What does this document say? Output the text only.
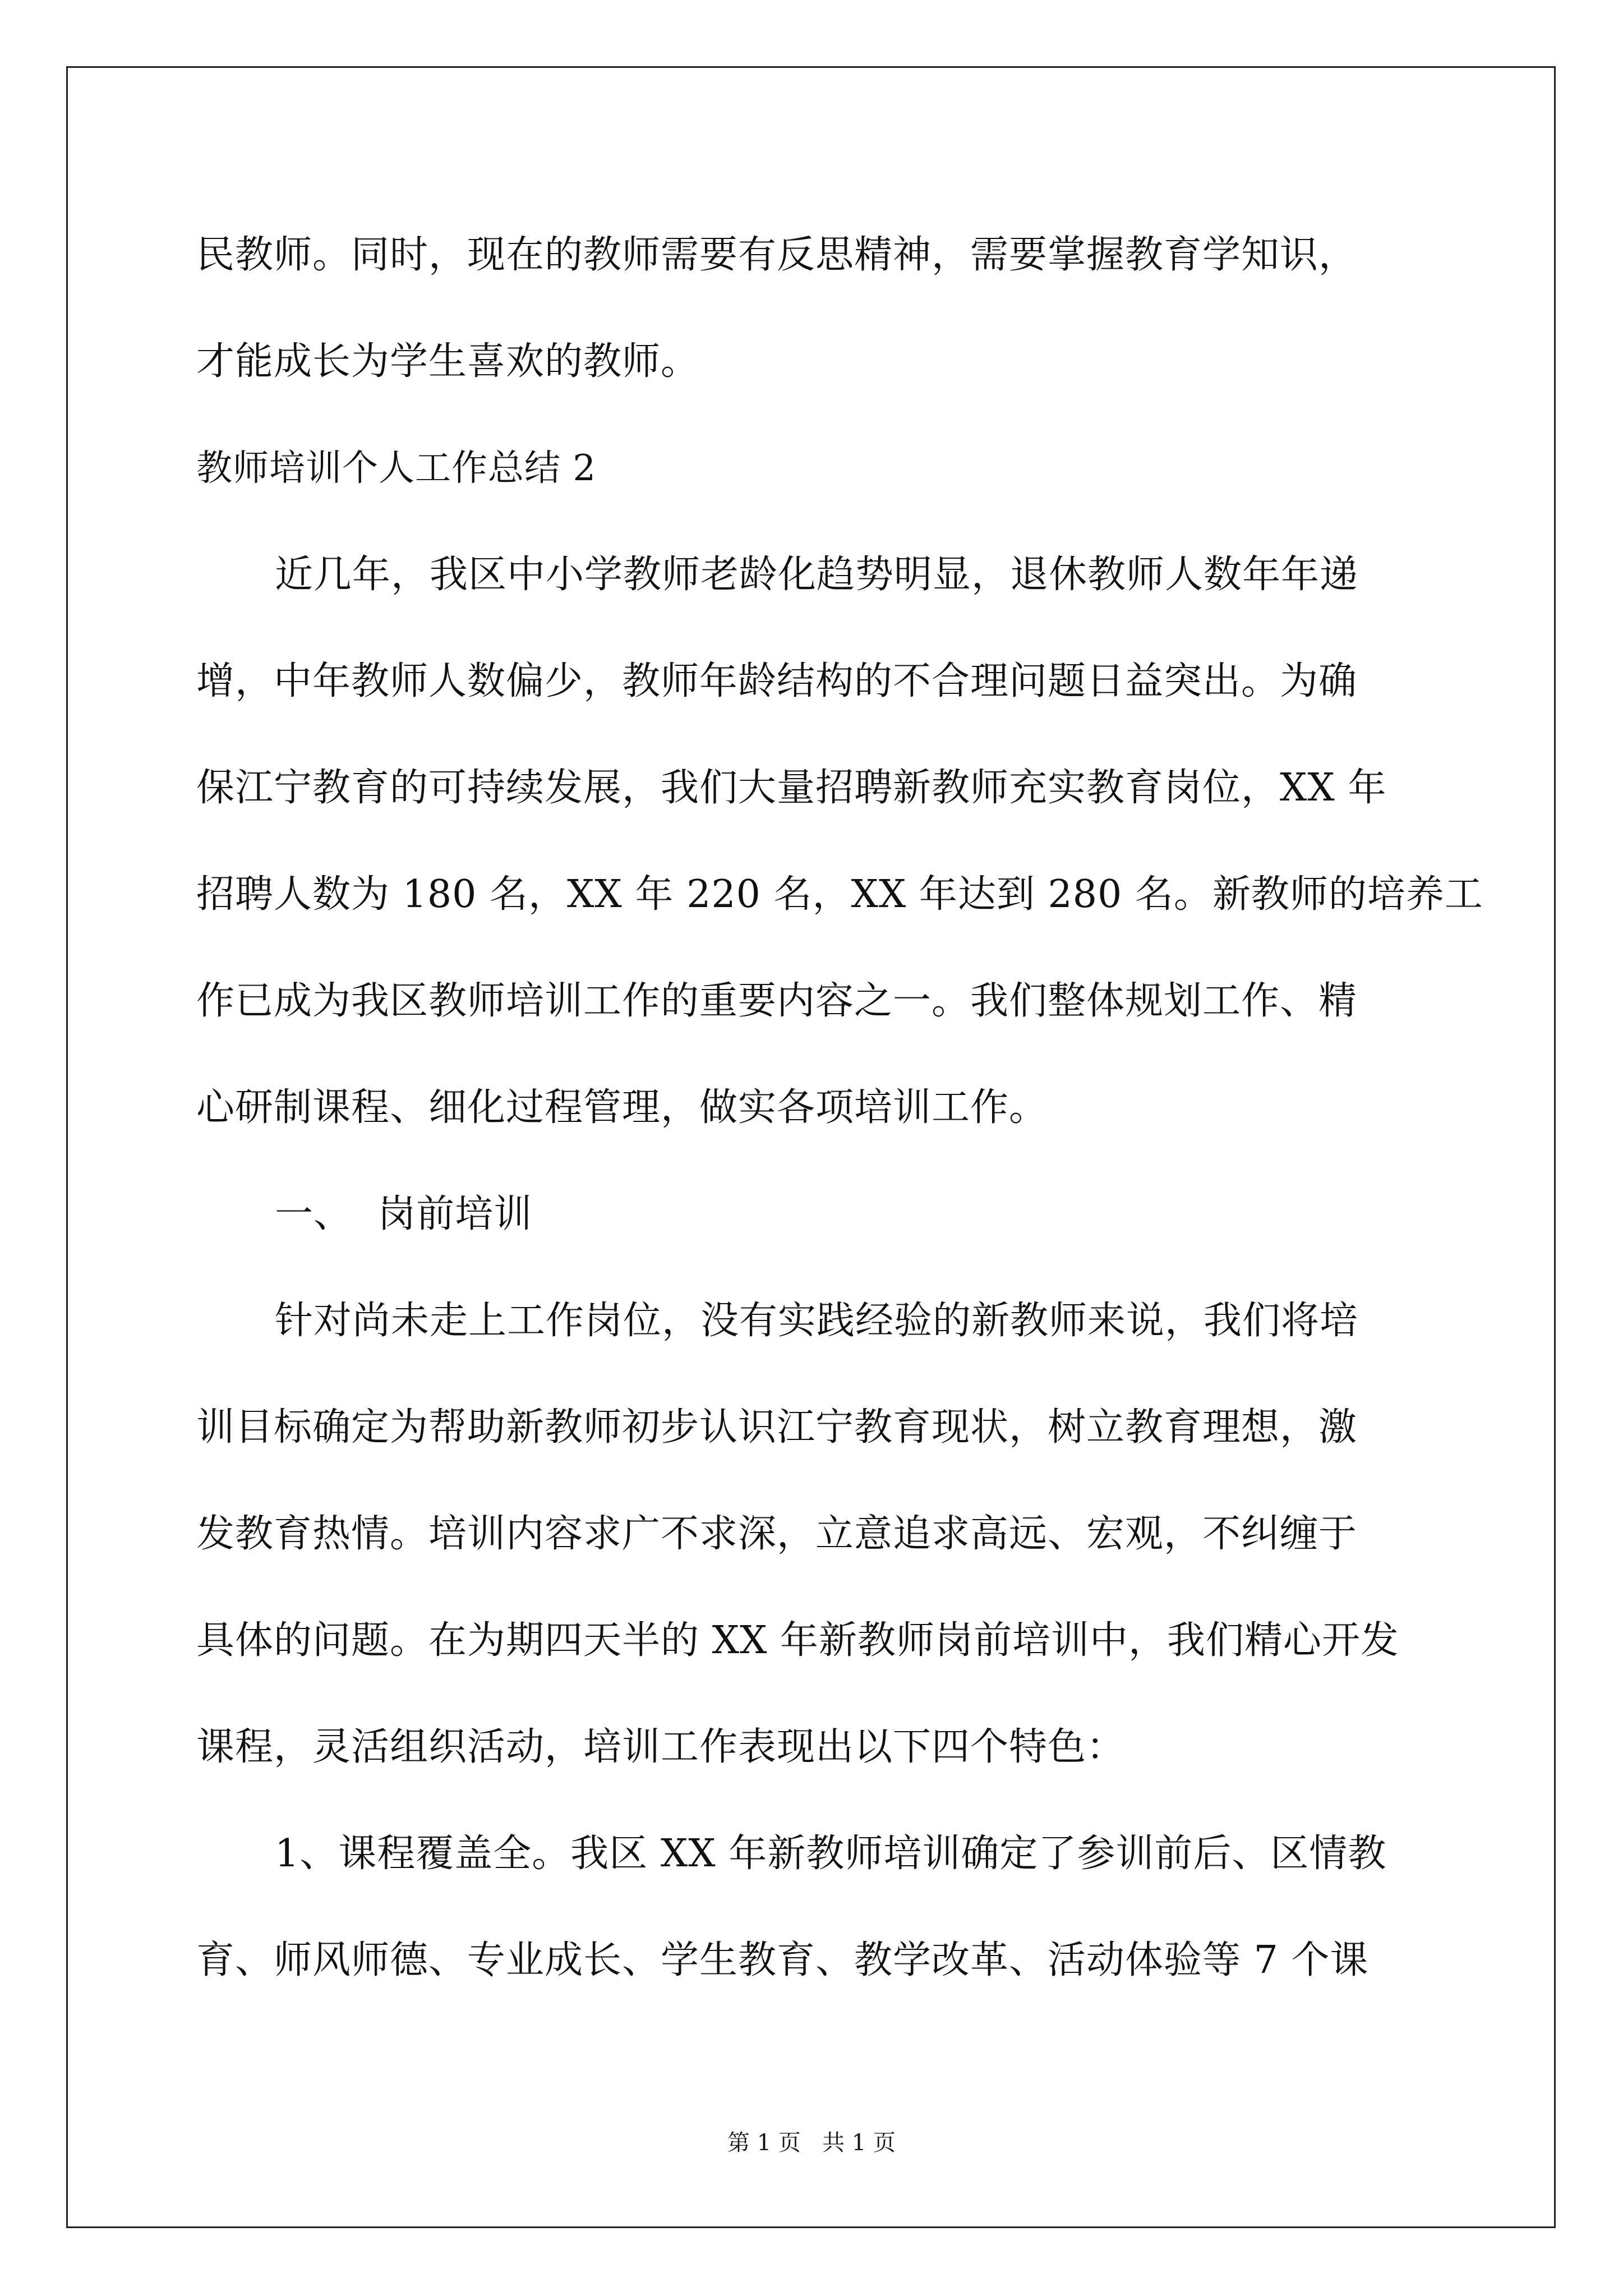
民教师。同时，现在的教师需要有反思精神，需要掌握教育学知识，
才能成长为学生喜欢的教师。
教师培训个人工作总结 2
近几年，我区中小学教师老龄化趋势明显，退休教师人数年年递
增，中年教师人数偏少，教师年龄结构的不合理问题日益突出。为确
保江宁教育的可持续发展，我们大量招聘新教师充实教育岗位，XX 年
招聘人数为 180 名，XX 年 220 名，XX 年达到 280 名。新教师的培养工
作已成为我区教师培训工作的重要内容之一。我们整体规划工作、精
心研制课程、细化过程管理，做实各项培训工作。
一、  岗前培训
针对尚未走上工作岗位，没有实践经验的新教师来说，我们将培
训目标确定为帮助新教师初步认识江宁教育现状，树立教育理想，激
发教育热情。培训内容求广不求深，立意追求高远、宏观，不纠缠于
具体的问题。在为期四天半的 XX 年新教师岗前培训中，我们精心开发
课程，灵活组织活动，培训工作表现出以下四个特色：
1、课程覆盖全。我区 XX 年新教师培训确定了参训前后、区情教
育、师风师德、专业成长、学生教育、教学改革、活动体验等 7 个课
第 1 页   共 1 页
